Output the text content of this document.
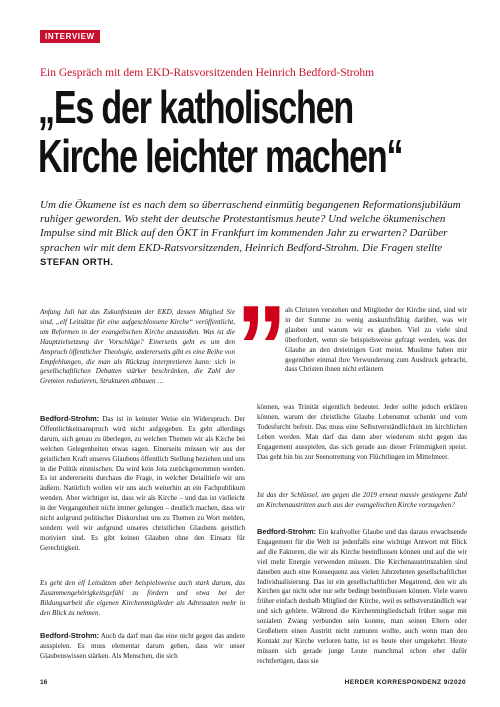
INTERVIEW
Ein Gespräch mit dem EKD-Ratsvorsitzenden Heinrich Bedford-Strohm
„Es der katholischen
Kirche leichter machen“
Um die Ökumene ist es nach dem so überraschend einmütig begangenen Reformationsjubiläum ruhiger geworden. Wo steht der deutsche Protestantismus heute? Und welche ökumenischen Impulse sind mit Blick auf den ÖKT in Frankfurt im kommenden Jahr zu erwarten? Darüber sprachen wir mit dem EKD-Ratsvorsitzenden, Heinrich Bedford-Strohm. Die Fragen stellte STEFAN ORTH.
Anfang Juli hat das Zukunftsteam der EKD, dessen Mitglied Sie sind, „elf Leitsätze für eine aufgeschlossene Kirche“ veröffentlicht, um Reformen in der evangelischen Kirche anzustoßen. Was ist die Hauptzielsetzung der Vorschläge? Einerseits geht es um den Anspruch öffentlicher Theologie, andererseits gibt es eine Reihe von Empfehlungen, die man als Rückzug interpretieren kann: sich in gesellschaftlichen Debatten stärker beschränken, die Zahl der Gremien reduzieren, Strukturen abbauen … ” als Christen verstehen und Mitglieder der Kirche sind, sind wir in der Summe zu wenig auskunftsfähig darüber, was wir glauben und warum wir es glauben. Viel zu viele sind überfordert, wenn sie beispielsweise gefragt werden, was der Glaube an den dreieinigen Gott meint. Muslime haben mir gegenüber einmal ihre Verwunderung zum Ausdruck gebracht, dass Christen ihnen nicht erläutern
können, was Trinität eigentlich bedeutet. Jeder sollte jedoch erklären können, warum der christliche Glaube Lebensmut schenkt und vom Todesfurcht befreit. Das muss eine Selbstverständlichkeit im kirchlichen Leben werden. Man darf das dann aber wiederum nicht gegen das Engagement ausspielen, das sich gerade aus dieser Frömmigkeit speist. Das geht hin bis zur Seenotrettung von Flüchtlingen im Mittelmeer.
Bedford-Strohm: Das ist in keinster Weise ein Widerspruch. Der Öffentlichkeitsanspruch wird nicht aufgegeben. Es geht allerdings darum, sich genau zu überlegen, zu welchen Themen wir als Kirche bei welchen Gelegenheiten etwas sagen. Einerseits müssen wir aus der geistlichen Kraft unseres Glaubens öffentlich Stellung beziehen und uns in die Politik einmischen. Da wird kein Jota zurückgenommen werden. Es ist andererseits durchaus die Frage, in welcher Detailtiefe wir uns äußern. Natürlich wollen wir uns auch weiterhin an ein Fachpublikum wenden. Aber wichtiger ist, dass wir als Kirche – und das ist vielleicht in der Vergangenheit nicht immer gelungen – deutlich machen, dass wir nicht aufgrund politischer Diskurslust uns zu Themen zu Wort melden, sondern weil wir aufgrund unseres christlichen Glaubens geistlich motiviert sind. Es gibt keinen Glauben ohne den Einsatz für Gerechtigkeit.
Es geht den elf Leitsätzen aber beispielsweise auch stark darum, das Zusammengehörigkeitsgefühl zu fördern und etwa bei der Bildungsarbeit die eigenen Kirchenmitglieder als Adressaten mehr in den Blick zu nehmen.
Bedford-Strohm: Auch da darf man das eine nicht gegen das andere ausspielen. Es muss elementar darum gehen, dass wir unser Glaubenswissen stärken. Als Menschen, die sich
Ist das der Schlüssel, um gegen die 2019 erneut massiv gestiegene Zahl an Kirchenaustritten auch aus der evangelischen Kirche vorzugehen?
Bedford-Strohm: Ein kraftvoller Glaube und das daraus erwachsende Engagement für die Welt ist jedenfalls eine wichtige Antwort mit Blick auf die Faktoren, die wir als Kirche beeinflussen können und auf die wir viel mehr Energie verwenden müssen. Die Kirchenaustrittszahlen sind daneben auch eine Konsequenz aus vielen Jahrzehnten gesellschaftlicher Individualisierung. Das ist ein gesellschaftlicher Megatrend, den wir als Kirchen gar nicht oder nur sehr bedingt beeinflussen können. Viele waren früher einfach deshalb Mitglied der Kirche, weil es selbstverständlich war und sich gehörte. Während die Kirchenmitgliedschaft früher sogar mit sozialem Zwang verbunden sein konnte, man seinen Eltern oder Großeltern einen Austritt nicht zumuten wollte, auch wenn man den Kontakt zur Kirche verloren hatte, ist es heute eher umgekehrt. Heute müssen sich gerade junge Leute manchmal schon eher dafür rechtfertigen, dass sie
16	HERDER KORRESPONDENZ 9/2020
